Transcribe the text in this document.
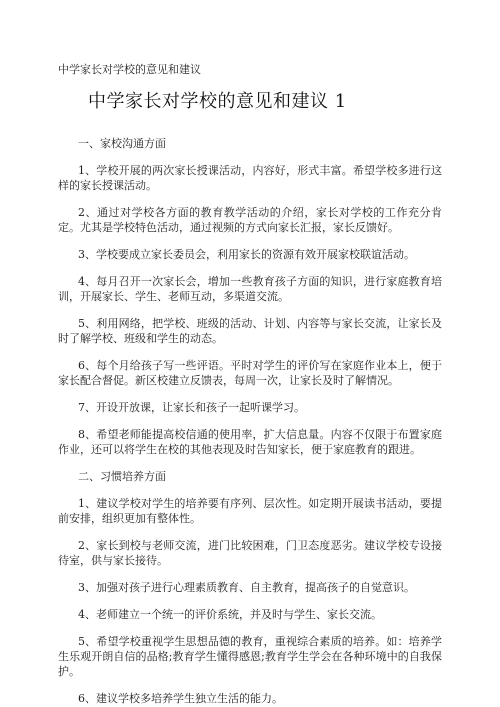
中学家长对学校的意见和建议
中学家长对学校的意见和建议 1
一、家校沟通方面

1、学校开展的两次家长授课活动，内容好，形式丰富。希望学校多进行这样的家长授课活动。

2、通过对学校各方面的教育教学活动的介绍，家长对学校的工作充分肯定。尤其是学校特色活动，通过视频的方式向家长汇报，家长反馈好。

3、学校要成立家长委员会，利用家长的资源有效开展家校联谊活动。

4、每月召开一次家长会，增加一些教育孩子方面的知识，进行家庭教育培训，开展家长、学生、老师互动，多渠道交流。

5、利用网络，把学校、班级的活动、计划、内容等与家长交流，让家长及时了解学校、班级和学生的动态。

6、每个月给孩子写一些评语。平时对学生的评价写在家庭作业本上，便于家长配合督促。新区校建立反馈表，每周一次，让家长及时了解情况。

7、开设开放课，让家长和孩子一起听课学习。

8、希望老师能提高校信通的使用率，扩大信息量。内容不仅限于布置家庭作业，还可以将学生在校的其他表现及时告知家长，便于家庭教育的跟进。

二、习惯培养方面

1、建议学校对学生的培养要有序列、层次性。如定期开展读书活动，要提前安排，组织更加有整体性。

2、家长到校与老师交流，进门比较困难，门卫态度恶劣。建议学校专设接待室，供与家长接待。

3、加强对孩子进行心理素质教育、自主教育，提高孩子的自觉意识。

4、老师建立一个统一的评价系统，并及时与学生、家长交流。

5、希望学校重视学生思想品德的教育，重视综合素质的培养。如：培养学生乐观开朗自信的品格;教育学生懂得感恩;教育学生学会在各种环境中的自我保护。

6、建议学校多培养学生独立生活的能力。
